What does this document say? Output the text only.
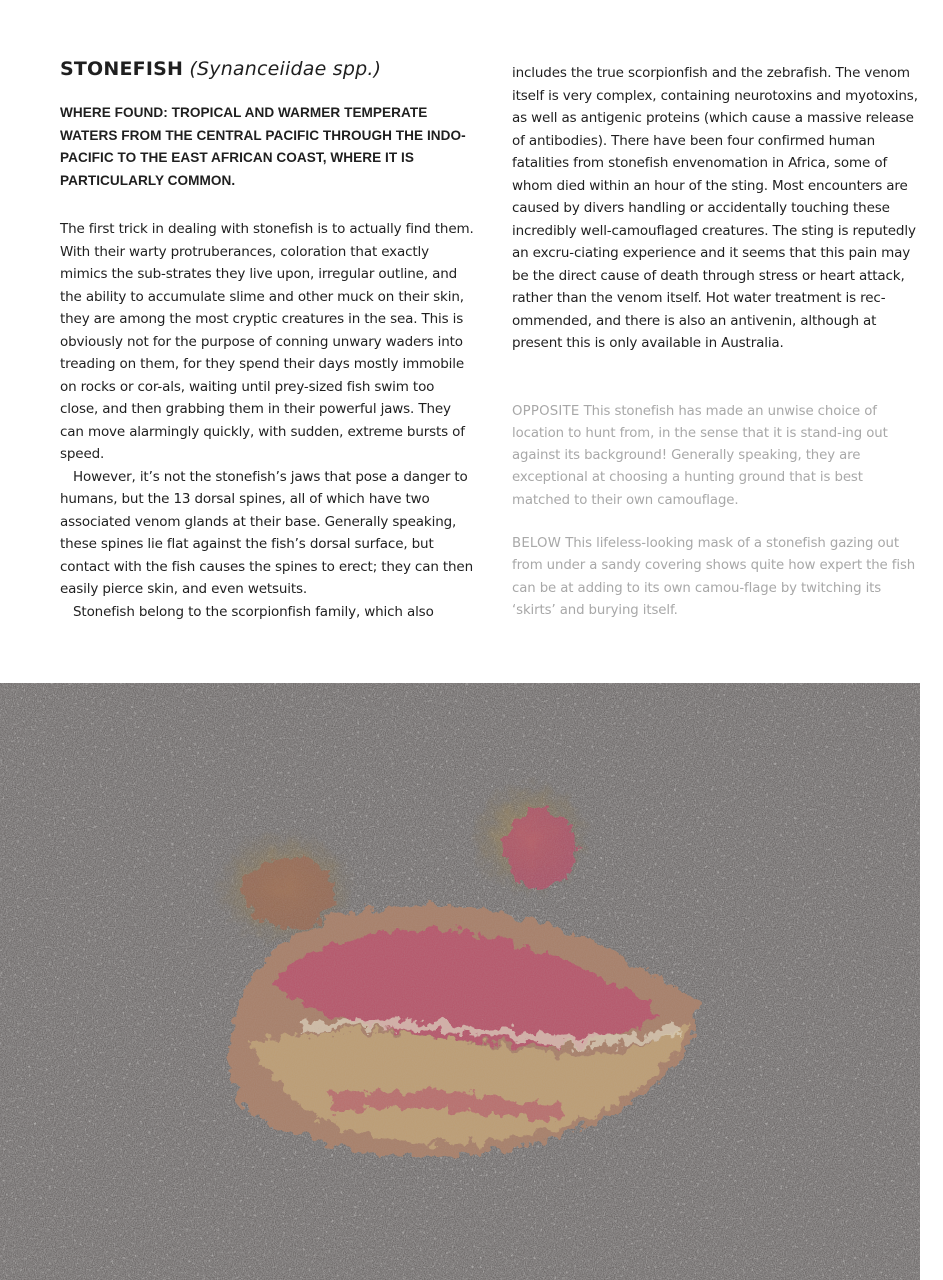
STONEFISH (Synanceiidae spp.)

WHERE FOUND: TROPICAL AND WARMER TEMPERATE WATERS FROM THE CENTRAL PACIFIC THROUGH THE INDO-PACIFIC TO THE EAST AFRICAN COAST, WHERE IT IS PARTICULARLY COMMON.

The first trick in dealing with stonefish is to actually find them. With their warty protruberances, coloration that exactly mimics the sub-strates they live upon, irregular outline, and the ability to accumulate slime and other muck on their skin, they are among the most cryptic creatures in the sea. This is obviously not for the purpose of conning unwary waders into treading on them, for they spend their days mostly immobile on rocks or cor-als, waiting until prey-sized fish swim too close, and then grabbing them in their powerful jaws. They can move alarmingly quickly, with sudden, extreme bursts of speed.

However, it’s not the stonefish’s jaws that pose a danger to humans, but the 13 dorsal spines, all of which have two associated venom glands at their base. Generally speaking, these spines lie flat against the fish’s dorsal surface, but contact with the fish causes the spines to erect; they can then easily pierce skin, and even wetsuits.

Stonefish belong to the scorpionfish family, which also

includes the true scorpionfish and the zebrafish. The venom itself is very complex, containing neurotoxins and myotoxins, as well as antigenic proteins (which cause a massive release of antibodies). There have been four confirmed human fatalities from stonefish envenomation in Africa, some of whom died within an hour of the sting. Most encounters are caused by divers handling or accidentally touching these incredibly well-camouflaged creatures. The sting is reputedly an excru-ciating experience and it seems that this pain may be the direct cause of death through stress or heart attack, rather than the venom itself. Hot water treatment is rec-ommended, and there is also an antivenin, although at present this is only available in Australia.

OPPOSITE This stonefish has made an unwise choice of location to hunt from, in the sense that it is stand-ing out against its background! Generally speaking, they are exceptional at choosing a hunting ground that is best matched to their own camouflage.

BELOW This lifeless-looking mask of a stonefish gazing out from under a sandy covering shows quite how expert the fish can be at adding to its own camou-flage by twitching its ‘skirts’ and burying itself.
